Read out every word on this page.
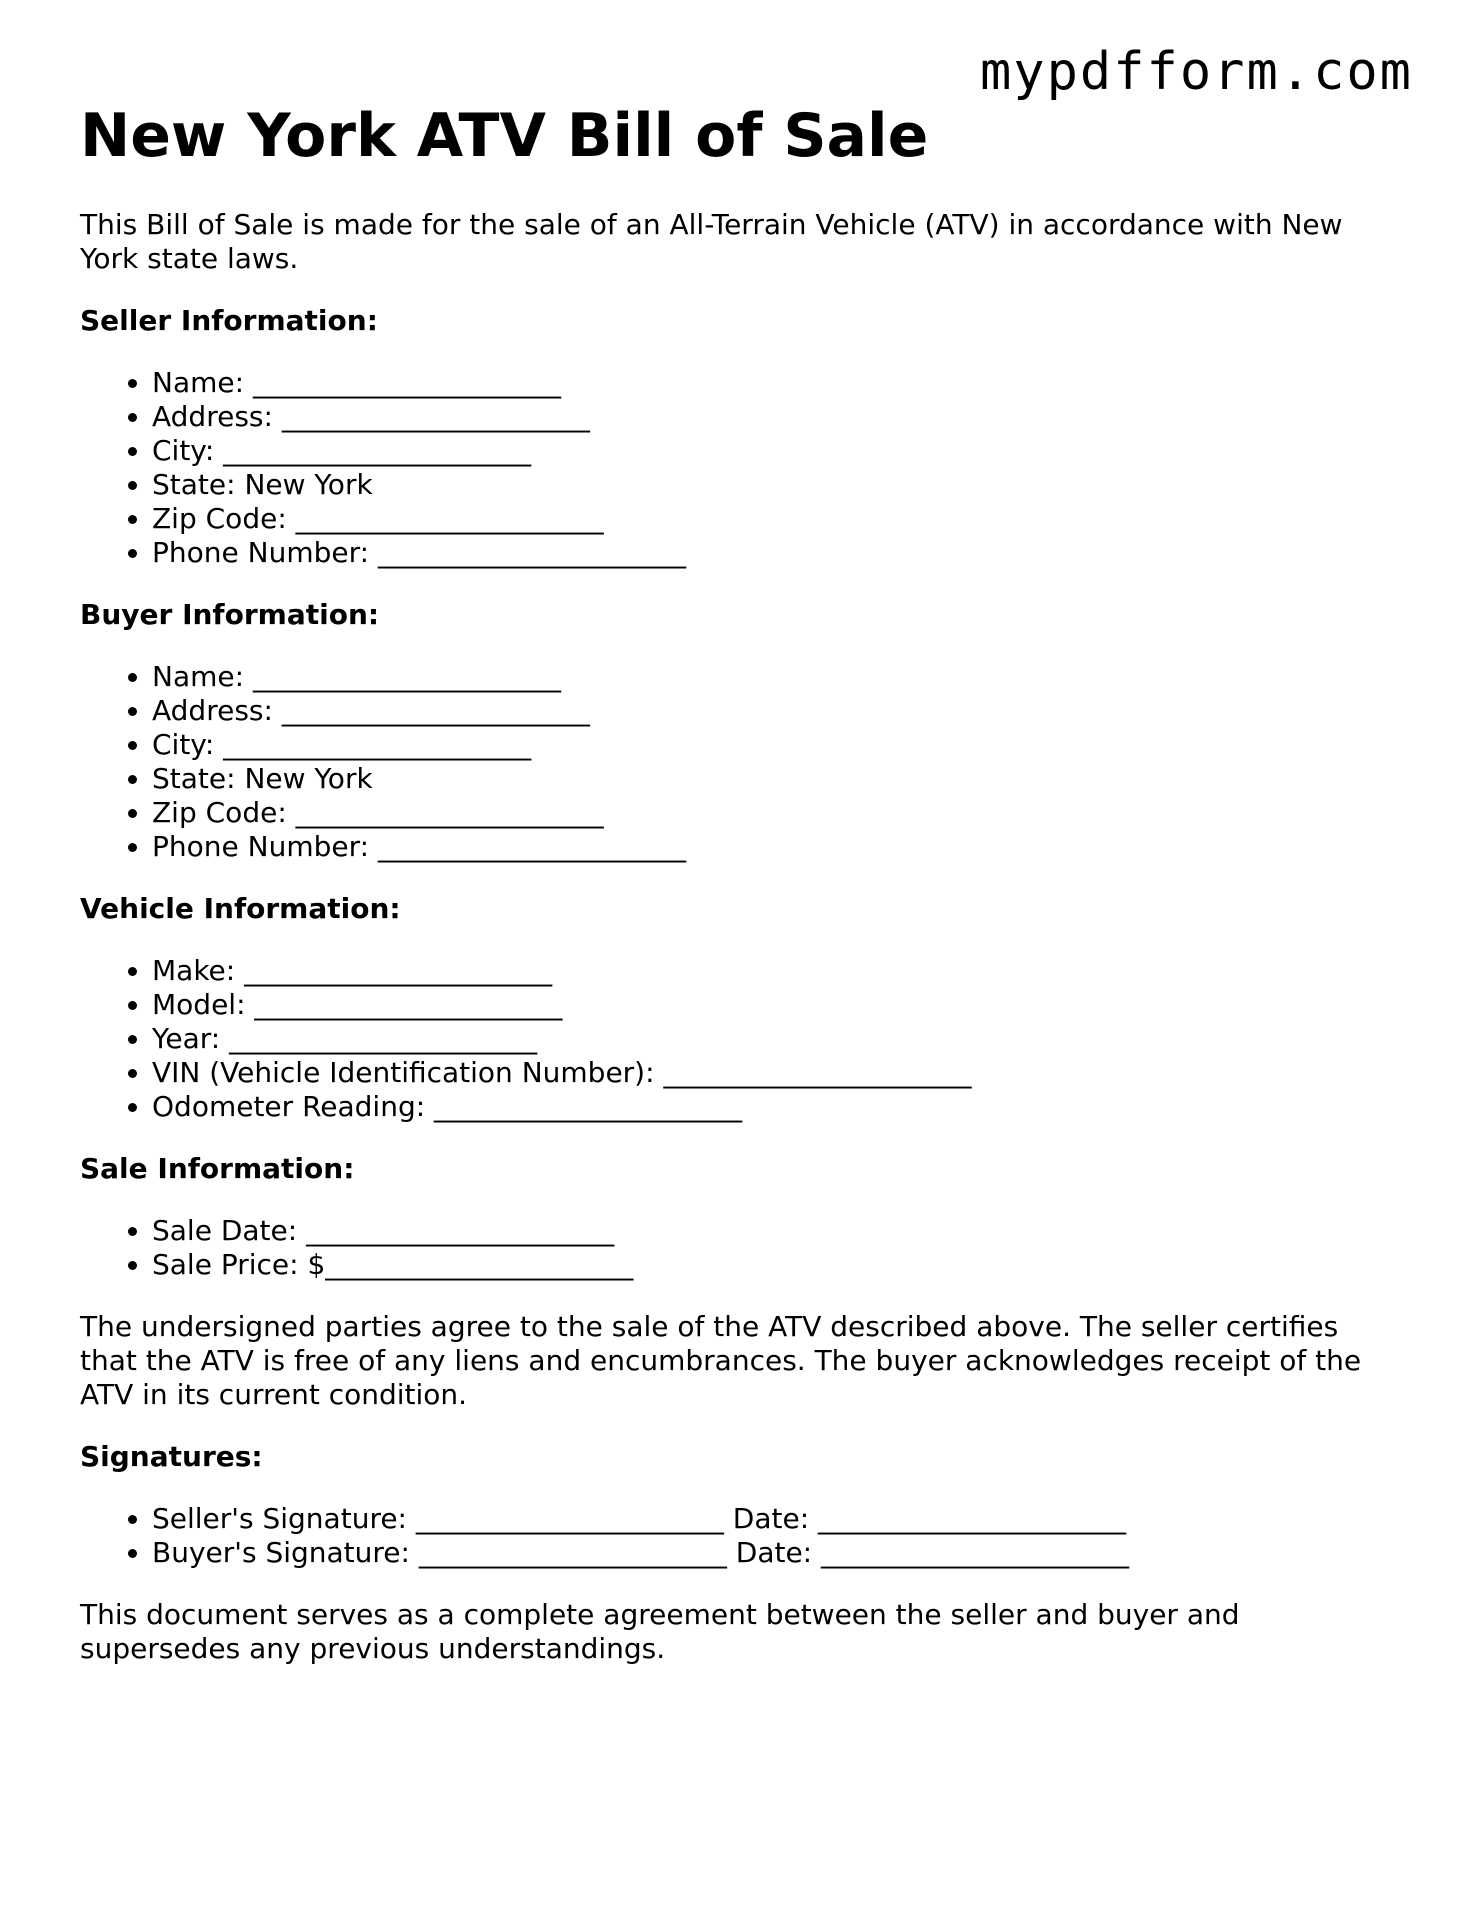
mypdfform.com
New York ATV Bill of Sale

This Bill of Sale is made for the sale of an All-Terrain Vehicle (ATV) in accordance with New York state laws.

Seller Information:
• Name: ______________________
• Address: ______________________
• City: ______________________
• State: New York
• Zip Code: ______________________
• Phone Number: ______________________
Buyer Information:
• Name: ______________________
• Address: ______________________
• City: ______________________
• State: New York
• Zip Code: ______________________
• Phone Number: ______________________
Vehicle Information:
• Make: ______________________
• Model: ______________________
• Year: ______________________
• VIN (Vehicle Identification Number): ______________________
• Odometer Reading: ______________________
Sale Information:
• Sale Date: ______________________
• Sale Price: $______________________

The undersigned parties agree to the sale of the ATV described above. The seller certifies that the ATV is free of any liens and encumbrances. The buyer acknowledges receipt of the ATV in its current condition.

Signatures:
• Seller's Signature: ______________________ Date: ______________________
• Buyer's Signature: ______________________ Date: ______________________

This document serves as a complete agreement between the seller and buyer and supersedes any previous understandings.
